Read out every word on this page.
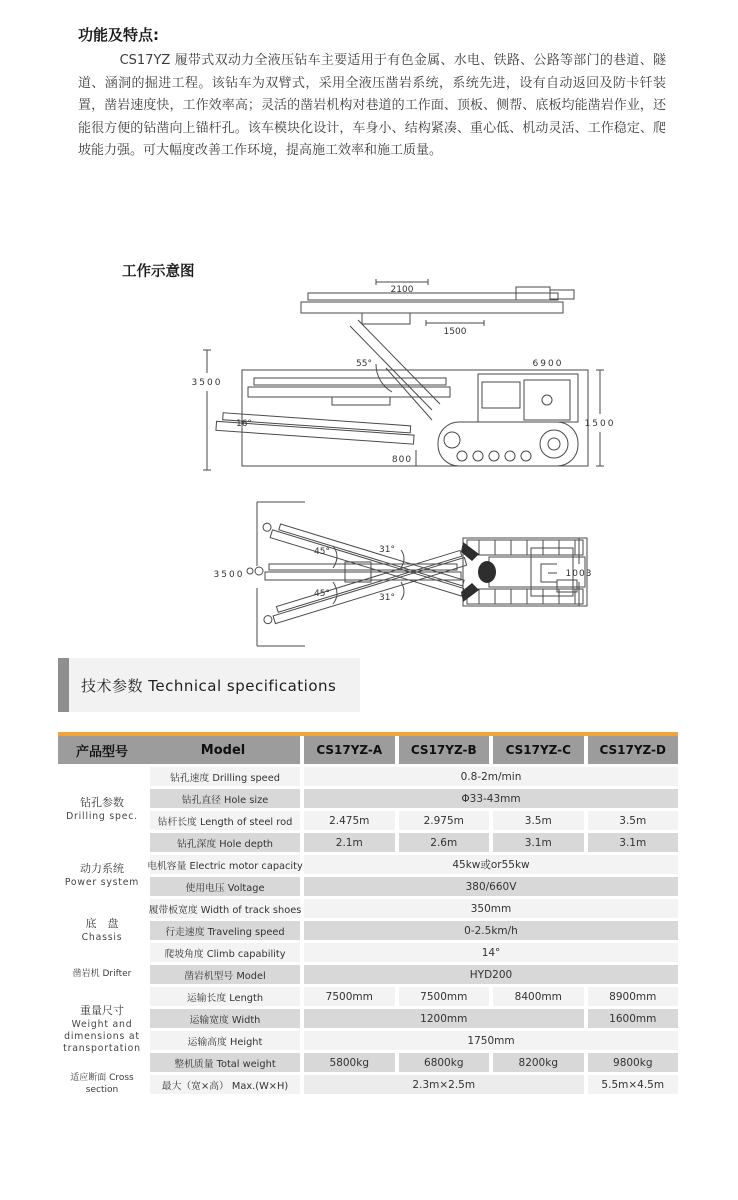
功能及特点:
CS17YZ 履带式双动力全液压钻车主要适用于有色金属、水电、铁路、公路等部门的巷道、隧道、涵洞的掘进工程。该钻车为双臂式，采用全液压凿岩系统，系统先进，设有自动返回及防卡钎装置，凿岩速度快，工作效率高；灵活的凿岩机构对巷道的工作面、顶板、侧帮、底板均能凿岩作业，还能很方便的钻凿向上锚杆孔。该车模块化设计，车身小、结构紧凑、重心低、机动灵活、工作稳定、爬坡能力强。可大幅度改善工作环境，提高施工效率和施工质量。
工作示意图
2100
1500
6900
3500
1500
16°
55°
800
3500
45°
45°
31°
31°
1003
技术参数 Technical specifications
产品型号	Model	CS17YZ-A	CS17YZ-B	CS17YZ-C	CS17YZ-D
钻孔参数
Drilling spec.
钻孔速度 Drilling speed	0.8-2m/min
钻孔直径 Hole size	Φ33-43mm
钻杆长度 Length of steel rod	2.475m	2.975m	3.5m	3.5m
钻孔深度 Hole depth	2.1m	2.6m	3.1m	3.1m
动力系统
Power system
电机容量 Electric motor capacity	45kw或or55kw
使用电压 Voltage	380/660V
底　盘
Chassis
履带板宽度 Width of track shoes	350mm
行走速度 Traveling speed	0-2.5km/h
爬坡角度 Climb capability	14°
凿岩机 Drifter	凿岩机型号 Model	HYD200
重量尺寸
Weight and dimensions at transportation
运输长度 Length	7500mm	7500mm	8400mm	8900mm
运输宽度 Width	1200mm	1600mm
运输高度 Height	1750mm
整机质量 Total weight	5800kg	6800kg	8200kg	9800kg
适应断面 Cross section	最大（宽×高） Max.(W×H)	2.3m×2.5m	5.5m×4.5m
